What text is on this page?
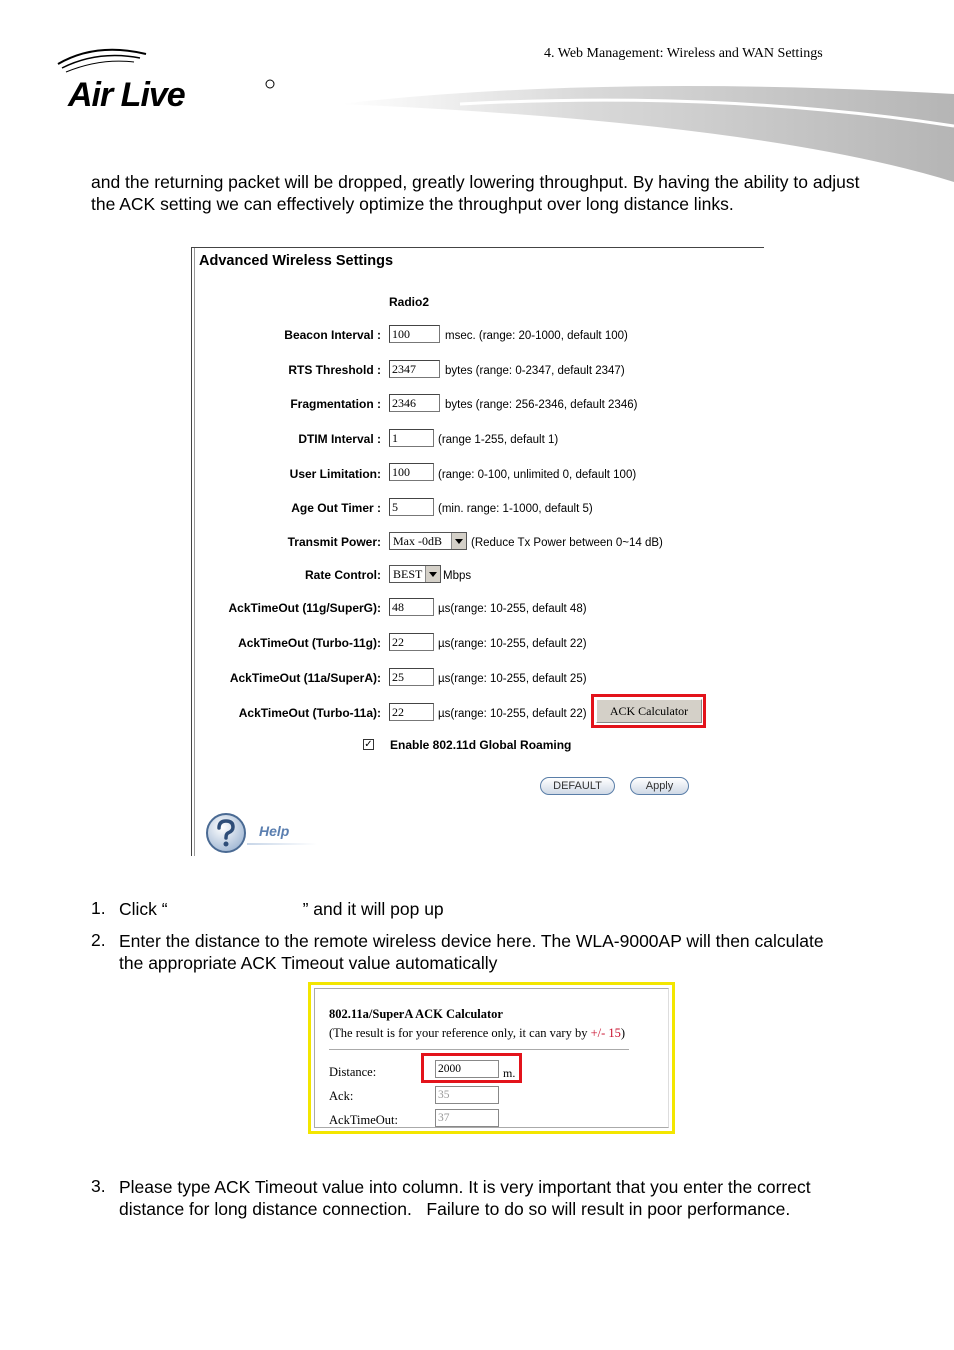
4. Web Management: Wireless and WAN Settings
Air Live
and the returning packet will be dropped, greatly lowering throughput. By having the ability to adjust the ACK setting we can effectively optimize the throughput over long distance links.
Advanced Wireless Settings
Radio2
Beacon Interval : 100	msec. (range: 20-1000, default 100)
RTS Threshold : 2347	bytes (range: 0-2347, default 2347)
Fragmentation : 2346	bytes (range: 256-2346, default 2346)
DTIM Interval : 1	(range 1-255, default 1)
User Limitation: 100	(range: 0-100, unlimited 0, default 100)
Age Out Timer : 5	(min. range: 1-1000, default 5)
Transmit Power:	Max -0dB	(Reduce Tx Power between 0~14 dB)
Rate Control:	BEST	Mbps
AckTimeOut (11g/SuperG): 48	µs(range: 10-255, default 48)
AckTimeOut (Turbo-11g): 22	µs(range: 10-255, default 22)
AckTimeOut (11a/SuperA): 25	µs(range: 10-255, default 25)
AckTimeOut (Turbo-11a): 22	µs(range: 10-255, default 22)	ACK Calculator
✓ Enable 802.11d Global Roaming
DEFAULT	Apply
Help
1. Click “	” and it will pop up
2. Enter the distance to the remote wireless device here. The WLA-9000AP will then calculate the appropriate ACK Timeout value automatically
802.11a/SuperA ACK Calculator
(The result is for your reference only, it can vary by +/- 15)
Distance:	2000	m.
Ack:	35
AckTimeOut:	37
3. Please type ACK Timeout value into column. It is very important that you enter the correct distance for long distance connection.   Failure to do so will result in poor performance.
